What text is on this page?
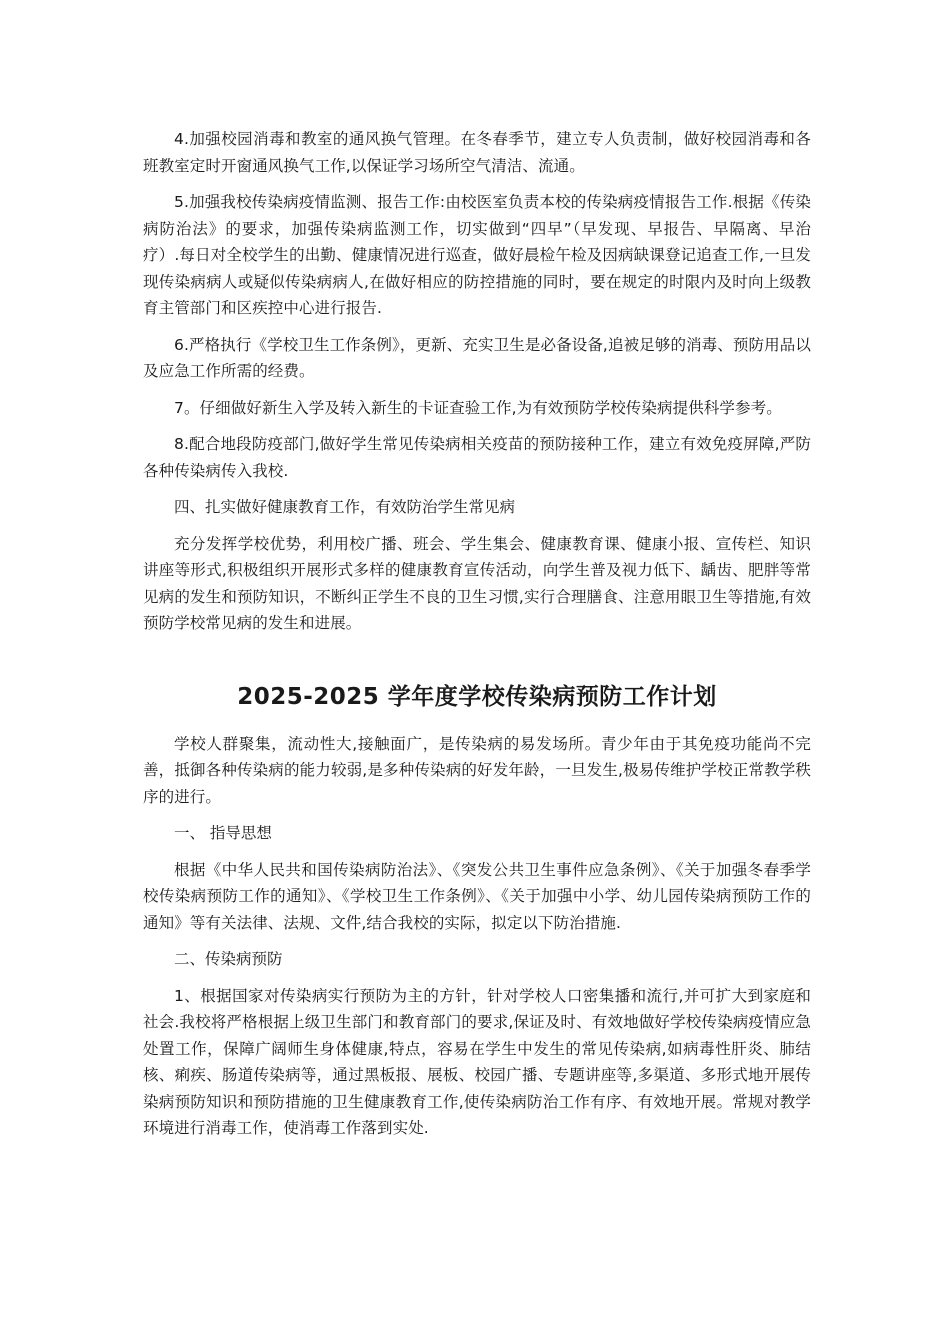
4.加强校园消毒和教室的通风换气管理。在冬春季节，建立专人负责制，做好校园消毒和各班教室定时开窗通风换气工作,以保证学习场所空气清洁、流通。

5.加强我校传染病疫情监测、报告工作:由校医室负责本校的传染病疫情报告工作.根据《传染病防治法》的要求，加强传染病监测工作，切实做到“四早”（早发现、早报告、早隔离、早治疗）.每日对全校学生的出勤、健康情况进行巡查，做好晨检午检及因病缺课登记追查工作,一旦发现传染病病人或疑似传染病病人,在做好相应的防控措施的同时，要在规定的时限内及时向上级教育主管部门和区疾控中心进行报告.

6.严格执行《学校卫生工作条例》，更新、充实卫生是必备设备,追被足够的消毒、预防用品以及应急工作所需的经费。

7。仔细做好新生入学及转入新生的卡证查验工作,为有效预防学校传染病提供科学参考。

8.配合地段防疫部门,做好学生常见传染病相关疫苗的预防接种工作，建立有效免疫屏障,严防各种传染病传入我校.

四、扎实做好健康教育工作，有效防治学生常见病

充分发挥学校优势，利用校广播、班会、学生集会、健康教育课、健康小报、宣传栏、知识讲座等形式,积极组织开展形式多样的健康教育宣传活动，向学生普及视力低下、龋齿、肥胖等常见病的发生和预防知识，不断纠正学生不良的卫生习惯,实行合理膳食、注意用眼卫生等措施,有效预防学校常见病的发生和进展。

2025-2025 学年度学校传染病预防工作计划

学校人群聚集，流动性大,接触面广，是传染病的易发场所。青少年由于其免疫功能尚不完善，抵御各种传染病的能力较弱,是多种传染病的好发年龄，一旦发生,极易传维护学校正常教学秩序的进行。

一、 指导思想

根据《中华人民共和国传染病防治法》、《突发公共卫生事件应急条例》、《关于加强冬春季学校传染病预防工作的通知》、《学校卫生工作条例》、《关于加强中小学、幼儿园传染病预防工作的通知》等有关法律、法规、文件,结合我校的实际，拟定以下防治措施.

二、传染病预防

1、根据国家对传染病实行预防为主的方针，针对学校人口密集播和流行,并可扩大到家庭和社会.我校将严格根据上级卫生部门和教育部门的要求,保证及时、有效地做好学校传染病疫情应急处置工作，保障广阔师生身体健康,特点，容易在学生中发生的常见传染病,如病毒性肝炎、肺结核、痢疾、肠道传染病等，通过黑板报、展板、校园广播、专题讲座等,多渠道、多形式地开展传染病预防知识和预防措施的卫生健康教育工作,使传染病防治工作有序、有效地开展。常规对教学环境进行消毒工作，使消毒工作落到实处.
